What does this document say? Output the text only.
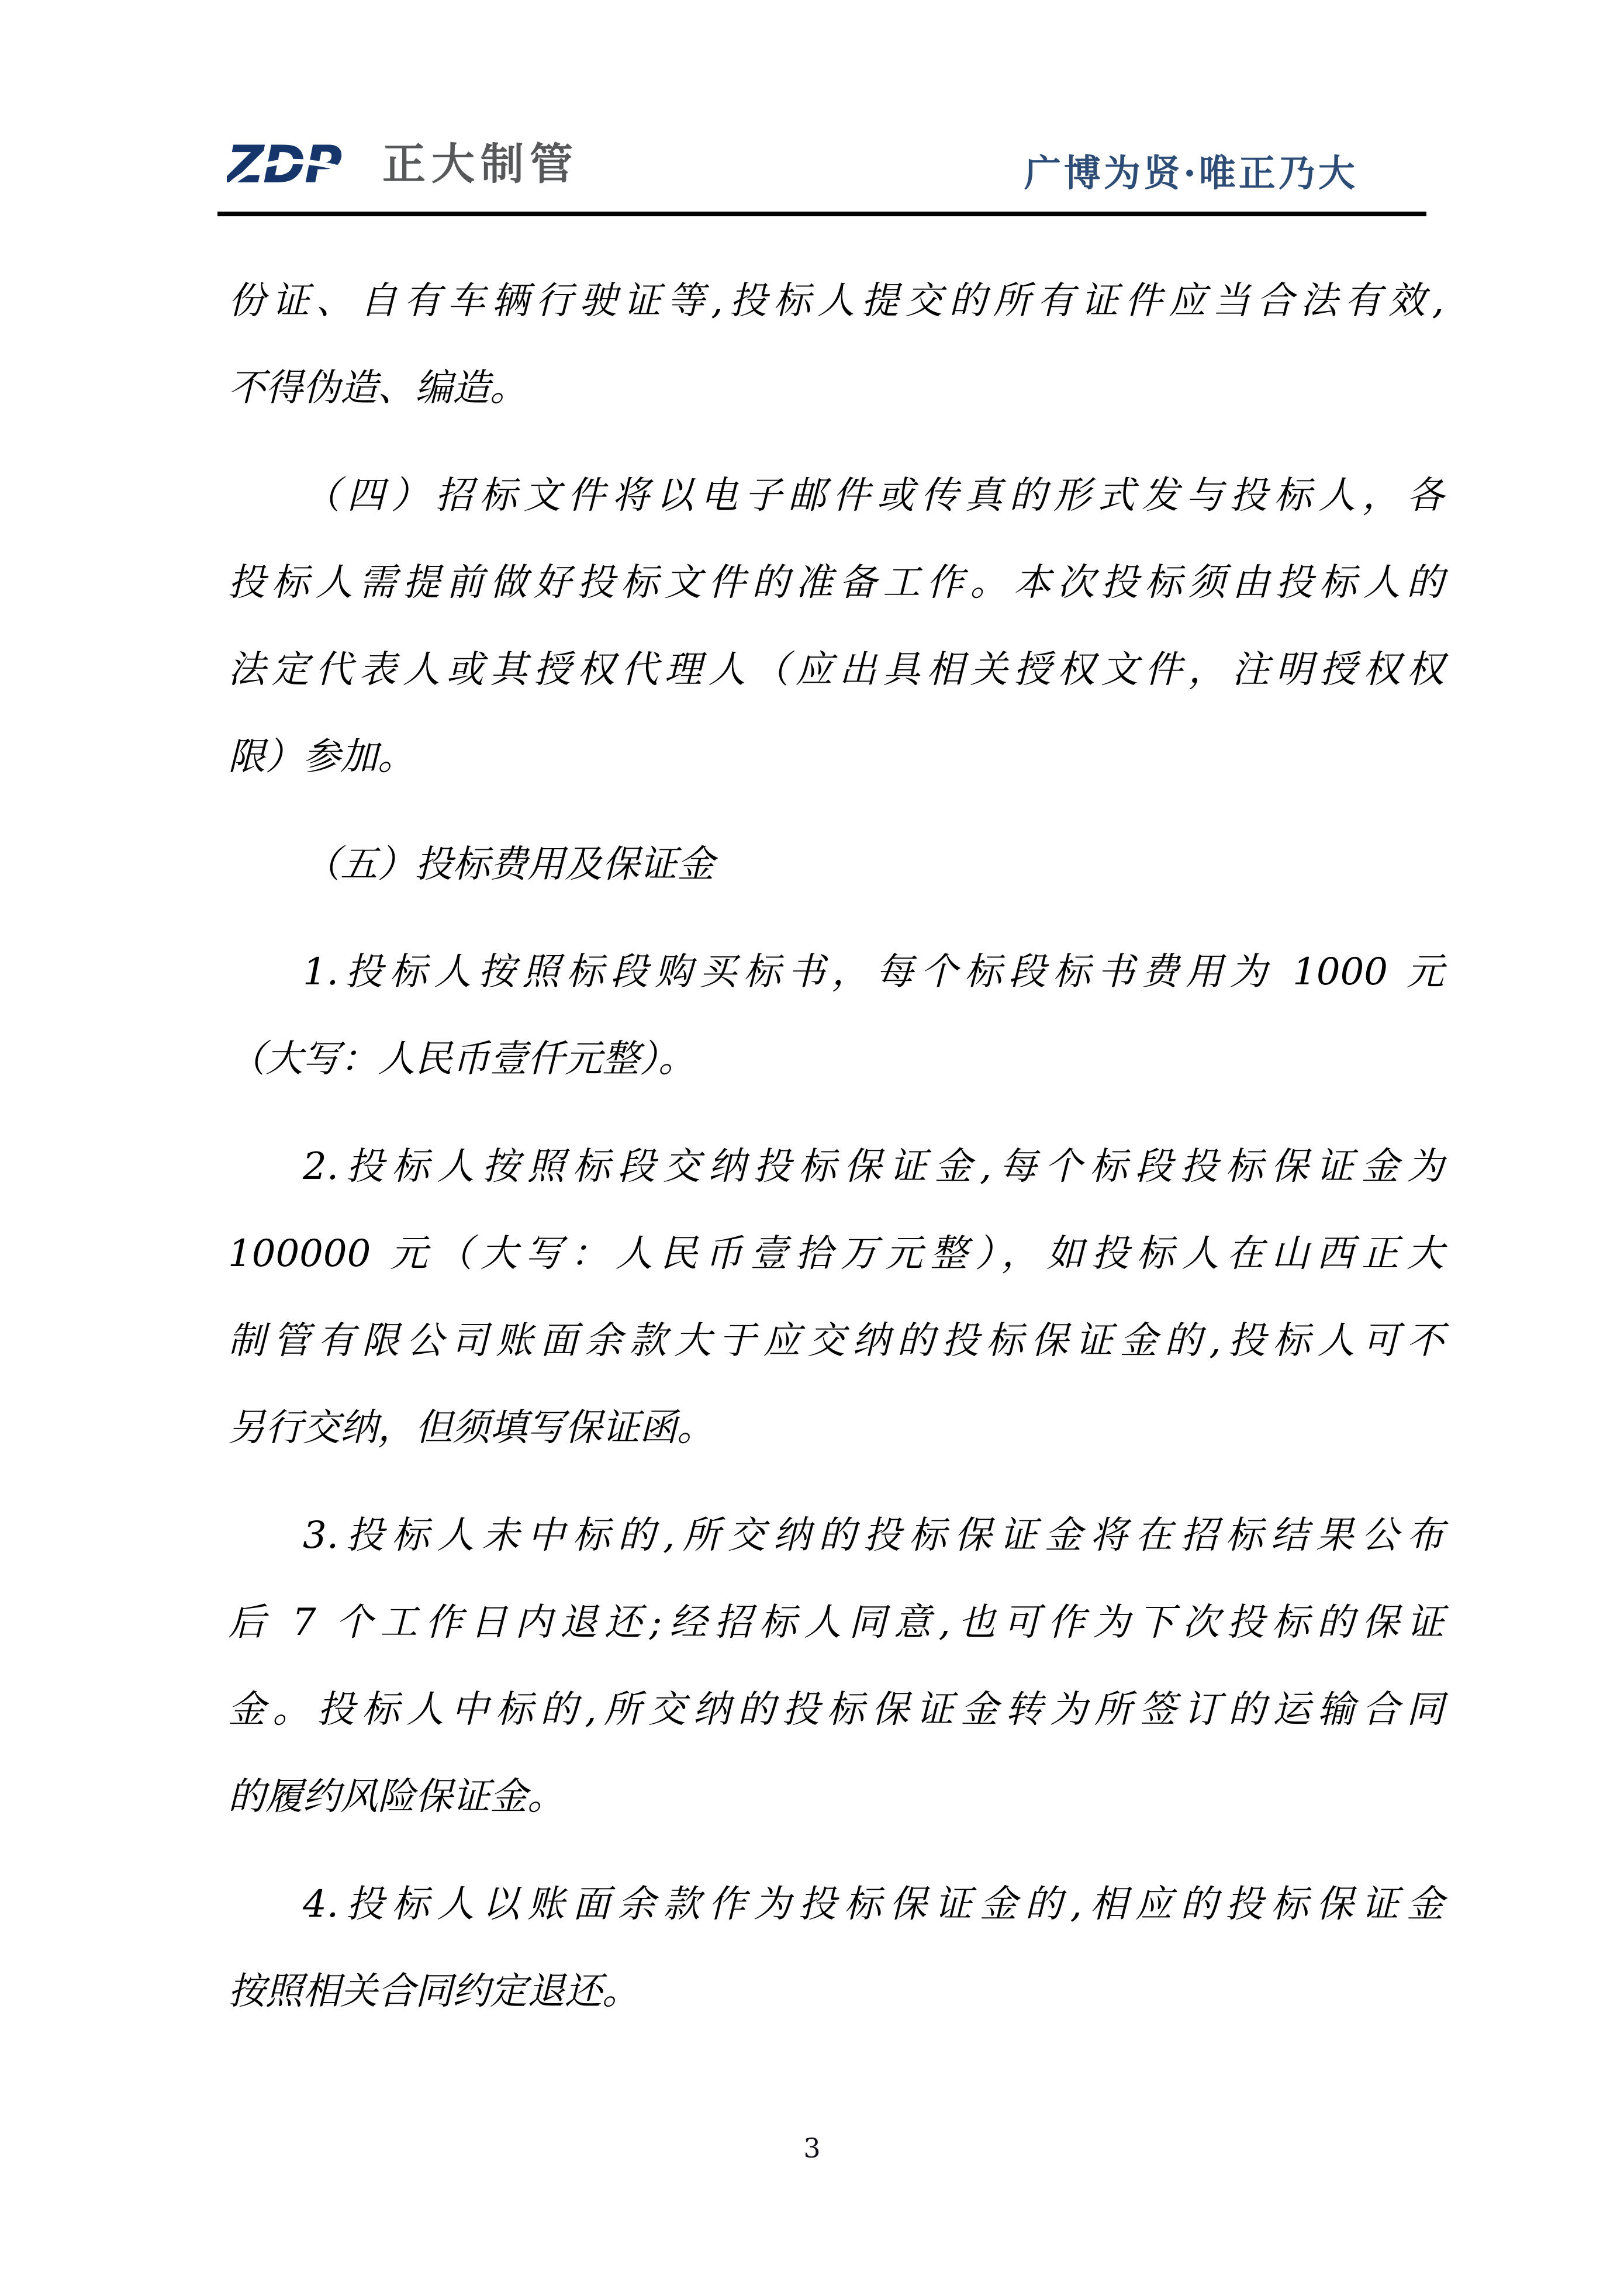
ZDP 正大制管	广博为贤·唯正乃大
份证、自有车辆行驶证等,投标人提交的所有证件应当合法有效,
不得伪造、编造。
（四）招标文件将以电子邮件或传真的形式发与投标人，各
投标人需提前做好投标文件的准备工作。本次投标须由投标人的
法定代表人或其授权代理人（应出具相关授权文件，注明授权权
限）参加。
（五）投标费用及保证金
1.投标人按照标段购买标书，每个标段标书费用为 1000 元
（大写：人民币壹仟元整）。
2.投标人按照标段交纳投标保证金,每个标段投标保证金为
100000 元（大写：人民币壹拾万元整），如投标人在山西正大
制管有限公司账面余款大于应交纳的投标保证金的,投标人可不
另行交纳，但须填写保证函。
3.投标人未中标的,所交纳的投标保证金将在招标结果公布
后 7 个工作日内退还;经招标人同意,也可作为下次投标的保证
金。投标人中标的,所交纳的投标保证金转为所签订的运输合同
的履约风险保证金。
4.投标人以账面余款作为投标保证金的,相应的投标保证金
按照相关合同约定退还。
3
